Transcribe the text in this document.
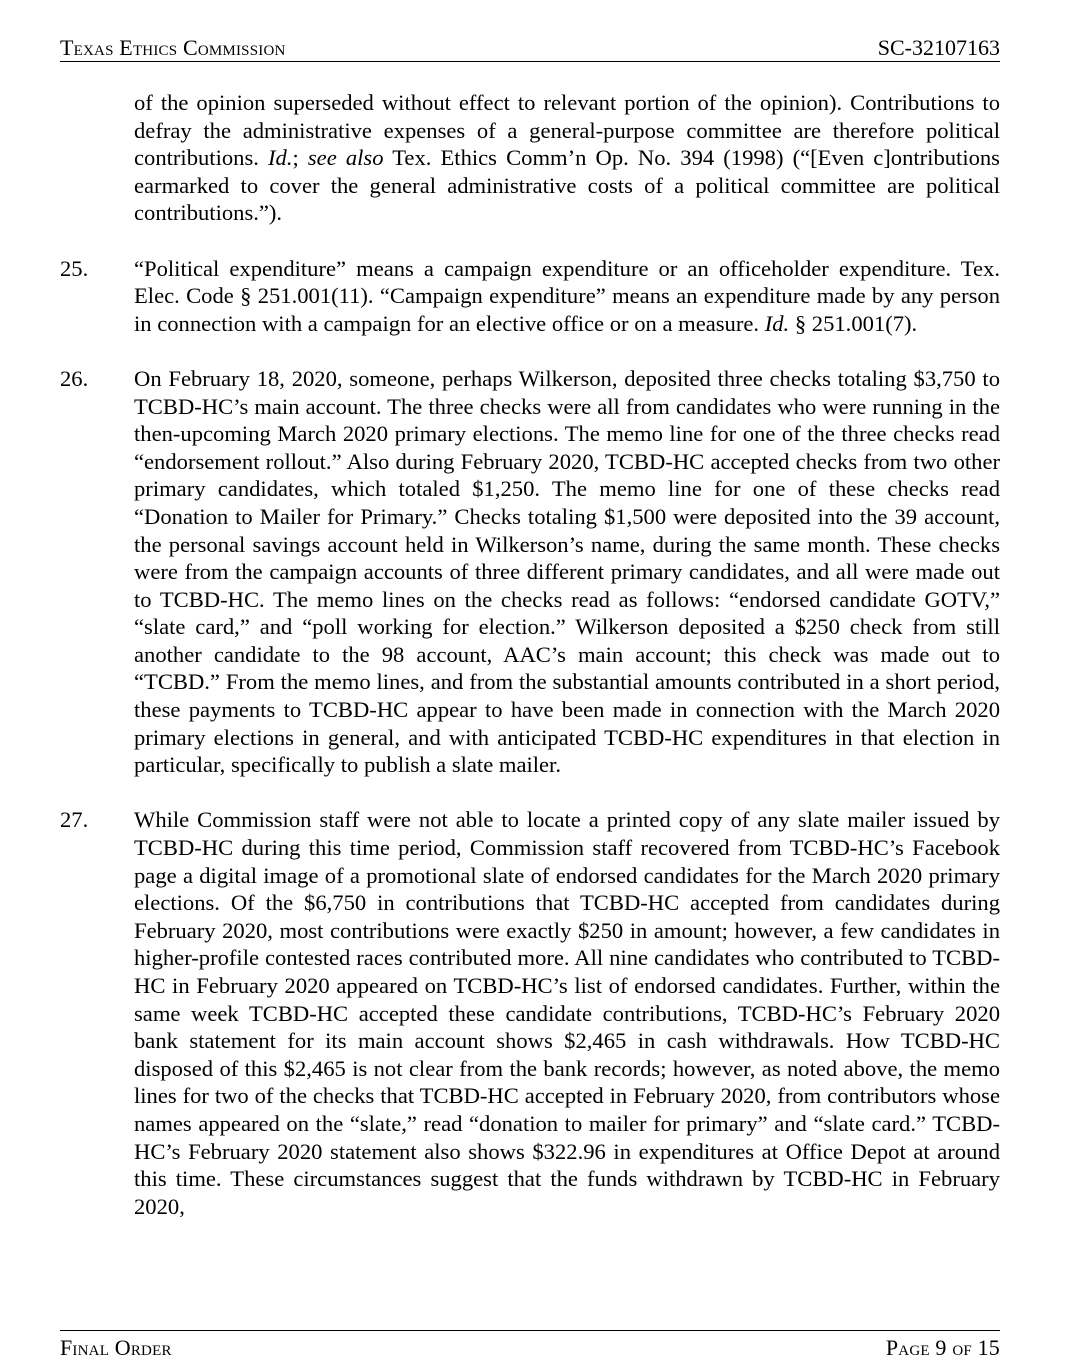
Texas Ethics Commission	SC-32107163
of the opinion superseded without effect to relevant portion of the opinion). Contributions to defray the administrative expenses of a general-purpose committee are therefore political contributions. Id.; see also Tex. Ethics Comm’n Op. No. 394 (1998) (“[Even c]ontributions earmarked to cover the general administrative costs of a political committee are political contributions.”).
25.	“Political expenditure” means a campaign expenditure or an officeholder expenditure. Tex. Elec. Code § 251.001(11). “Campaign expenditure” means an expenditure made by any person in connection with a campaign for an elective office or on a measure. Id. § 251.001(7).
26.	On February 18, 2020, someone, perhaps Wilkerson, deposited three checks totaling $3,750 to TCBD-HC’s main account. The three checks were all from candidates who were running in the then-upcoming March 2020 primary elections. The memo line for one of the three checks read “endorsement rollout.” Also during February 2020, TCBD-HC accepted checks from two other primary candidates, which totaled $1,250. The memo line for one of these checks read “Donation to Mailer for Primary.” Checks totaling $1,500 were deposited into the 39 account, the personal savings account held in Wilkerson’s name, during the same month. These checks were from the campaign accounts of three different primary candidates, and all were made out to TCBD-HC. The memo lines on the checks read as follows: “endorsed candidate GOTV,” “slate card,” and “poll working for election.” Wilkerson deposited a $250 check from still another candidate to the 98 account, AAC’s main account; this check was made out to “TCBD.” From the memo lines, and from the substantial amounts contributed in a short period, these payments to TCBD-HC appear to have been made in connection with the March 2020 primary elections in general, and with anticipated TCBD-HC expenditures in that election in particular, specifically to publish a slate mailer.
27.	While Commission staff were not able to locate a printed copy of any slate mailer issued by TCBD-HC during this time period, Commission staff recovered from TCBD-HC’s Facebook page a digital image of a promotional slate of endorsed candidates for the March 2020 primary elections. Of the $6,750 in contributions that TCBD-HC accepted from candidates during February 2020, most contributions were exactly $250 in amount; however, a few candidates in higher-profile contested races contributed more. All nine candidates who contributed to TCBD-HC in February 2020 appeared on TCBD-HC’s list of endorsed candidates. Further, within the same week TCBD-HC accepted these candidate contributions, TCBD-HC’s February 2020 bank statement for its main account shows $2,465 in cash withdrawals. How TCBD-HC disposed of this $2,465 is not clear from the bank records; however, as noted above, the memo lines for two of the checks that TCBD-HC accepted in February 2020, from contributors whose names appeared on the “slate,” read “donation to mailer for primary” and “slate card.” TCBD-HC’s February 2020 statement also shows $322.96 in expenditures at Office Depot at around this time. These circumstances suggest that the funds withdrawn by TCBD-HC in February 2020,
Final Order	Page 9 of 15
